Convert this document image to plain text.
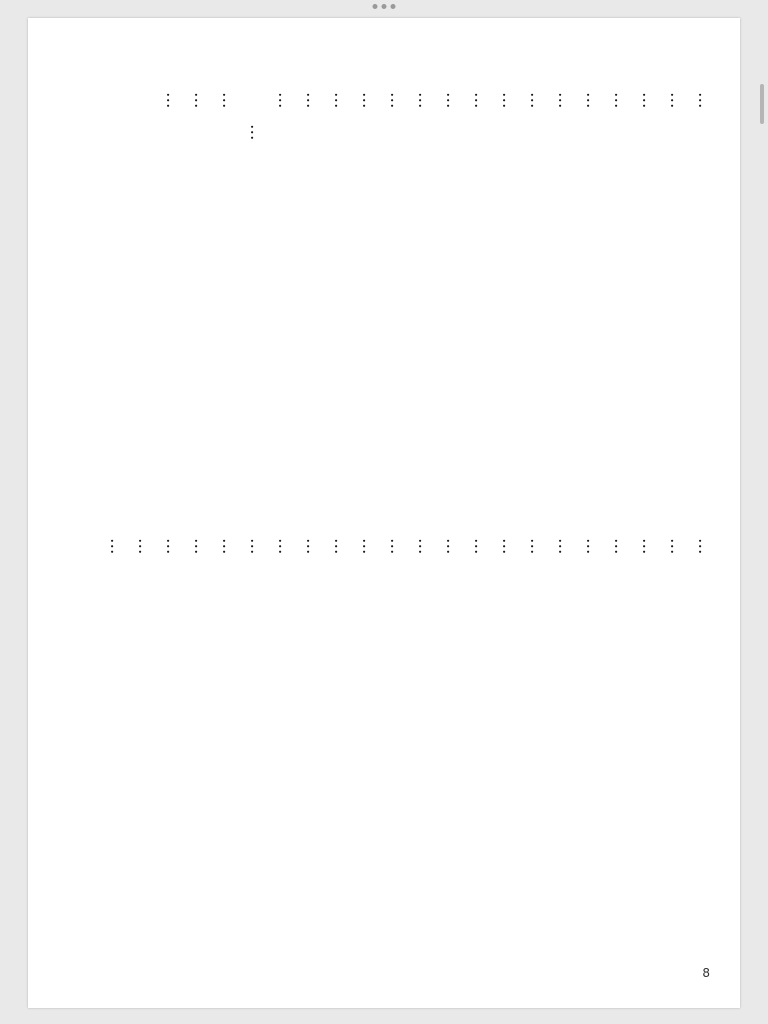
…

…

…

…

…

…

…

…

…

…

…

…

…

…

…

…

…

…

…

…

…

…

…

…

…

…

…

…

…

…

…

…

…

…

…

…

…

…

…

…

…

…

8
